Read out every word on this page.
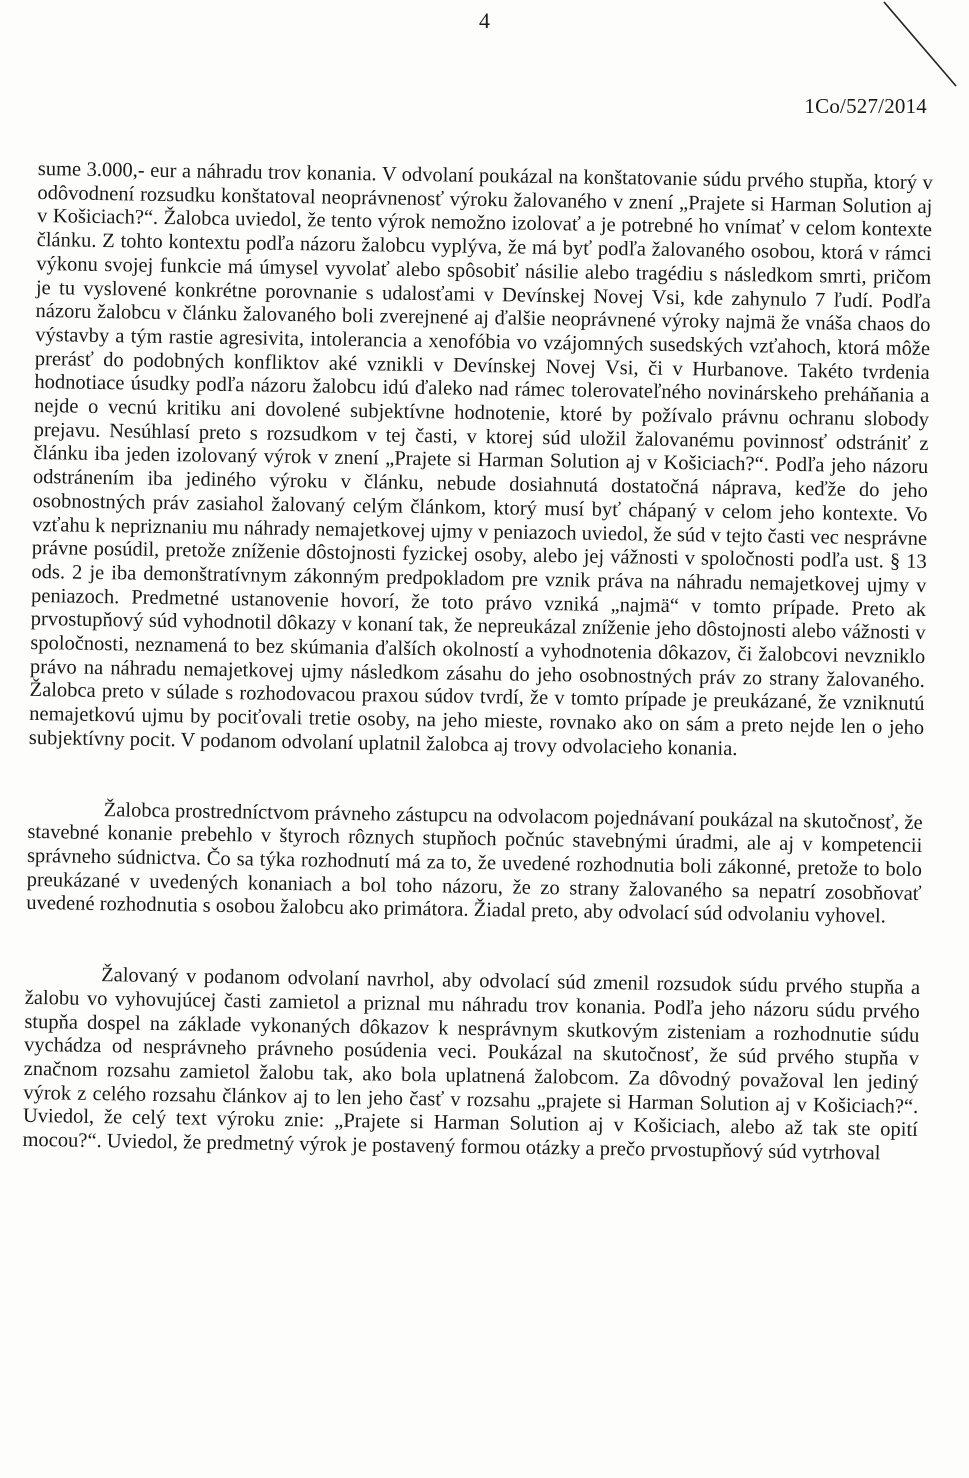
4
1Co/527/2014

sume 3.000,- eur a náhradu trov konania. V odvolaní poukázal na konštatovanie súdu prvého stupňa, ktorý v odôvodnení rozsudku konštatoval neoprávnenosť výroku žalovaného v znení „Prajete si Harman Solution aj v Košiciach?“. Žalobca uviedol, že tento výrok nemožno izolovať a je potrebné ho vnímať v celom kontexte článku. Z tohto kontextu podľa názoru žalobcu vyplýva, že má byť podľa žalovaného osobou, ktorá v rámci výkonu svojej funkcie má úmysel vyvolať alebo spôsobiť násilie alebo tragédiu s následkom smrti, pričom je tu vyslovené konkrétne porovnanie s udalosťami v Devínskej Novej Vsi, kde zahynulo 7 ľudí. Podľa názoru žalobcu v článku žalovaného boli zverejnené aj ďalšie neoprávnené výroky najmä že vnáša chaos do výstavby a tým rastie agresivita, intolerancia a xenofóbia vo vzájomných susedských vzťahoch, ktorá môže prerásť do podobných konfliktov aké vznikli v Devínskej Novej Vsi, či v Hurbanove. Takéto tvrdenia hodnotiace úsudky podľa názoru žalobcu idú ďaleko nad rámec tolerovateľného novinárskeho preháňania a nejde o vecnú kritiku ani dovolené subjektívne hodnotenie, ktoré by požívalo právnu ochranu slobody prejavu. Nesúhlasí preto s rozsudkom v tej časti, v ktorej súd uložil žalovanému povinnosť odstrániť z článku iba jeden izolovaný výrok v znení „Prajete si Harman Solution aj v Košiciach?“. Podľa jeho názoru odstránením iba jediného výroku v článku, nebude dosiahnutá dostatočná náprava, keďže do jeho osobnostných práv zasiahol žalovaný celým článkom, ktorý musí byť chápaný v celom jeho kontexte. Vo vzťahu k nepriznaniu mu náhrady nemajetkovej ujmy v peniazoch uviedol, že súd v tejto časti vec nesprávne právne posúdil, pretože zníženie dôstojnosti fyzickej osoby, alebo jej vážnosti v spoločnosti podľa ust. § 13 ods. 2 je iba demonštratívnym zákonným predpokladom pre vznik práva na náhradu nemajetkovej ujmy v peniazoch. Predmetné ustanovenie hovorí, že toto právo vzniká „najmä“ v tomto prípade. Preto ak prvostupňový súd vyhodnotil dôkazy v konaní tak, že nepreukázal zníženie jeho dôstojnosti alebo vážnosti v spoločnosti, neznamená to bez skúmania ďalších okolností a vyhodnotenia dôkazov, či žalobcovi nevzniklo právo na náhradu nemajetkovej ujmy následkom zásahu do jeho osobnostných práv zo strany žalovaného. Žalobca preto v súlade s rozhodovacou praxou súdov tvrdí, že v tomto prípade je preukázané, že vzniknutú nemajetkovú ujmu by pociťovali tretie osoby, na jeho mieste, rovnako ako on sám a preto nejde len o jeho subjektívny pocit. V podanom odvolaní uplatnil žalobca aj trovy odvolacieho konania.

Žalobca prostredníctvom právneho zástupcu na odvolacom pojednávaní poukázal na skutočnosť, že stavebné konanie prebehlo v štyroch rôznych stupňoch počnúc stavebnými úradmi, ale aj v kompetencii správneho súdnictva. Čo sa týka rozhodnutí má za to, že uvedené rozhodnutia boli zákonné, pretože to bolo preukázané v uvedených konaniach a bol toho názoru, že zo strany žalovaného sa nepatrí zosobňovať uvedené rozhodnutia s osobou žalobcu ako primátora. Žiadal preto, aby odvolací súd odvolaniu vyhovel.

Žalovaný v podanom odvolaní navrhol, aby odvolací súd zmenil rozsudok súdu prvého stupňa a žalobu vo vyhovujúcej časti zamietol a priznal mu náhradu trov konania. Podľa jeho názoru súdu prvého stupňa dospel na základe vykonaných dôkazov k nesprávnym skutkovým zisteniam a rozhodnutie súdu vychádza od nesprávneho právneho posúdenia veci. Poukázal na skutočnosť, že súd prvého stupňa v značnom rozsahu zamietol žalobu tak, ako bola uplatnená žalobcom. Za dôvodný považoval len jediný výrok z celého rozsahu článkov aj to len jeho časť v rozsahu „prajete si Harman Solution aj v Košiciach?“. Uviedol, že celý text výroku znie: „Prajete si Harman Solution aj v Košiciach, alebo až tak ste opití mocou?“. Uviedol, že predmetný výrok je postavený formou otázky a prečo prvostupňový súd vytrhoval
